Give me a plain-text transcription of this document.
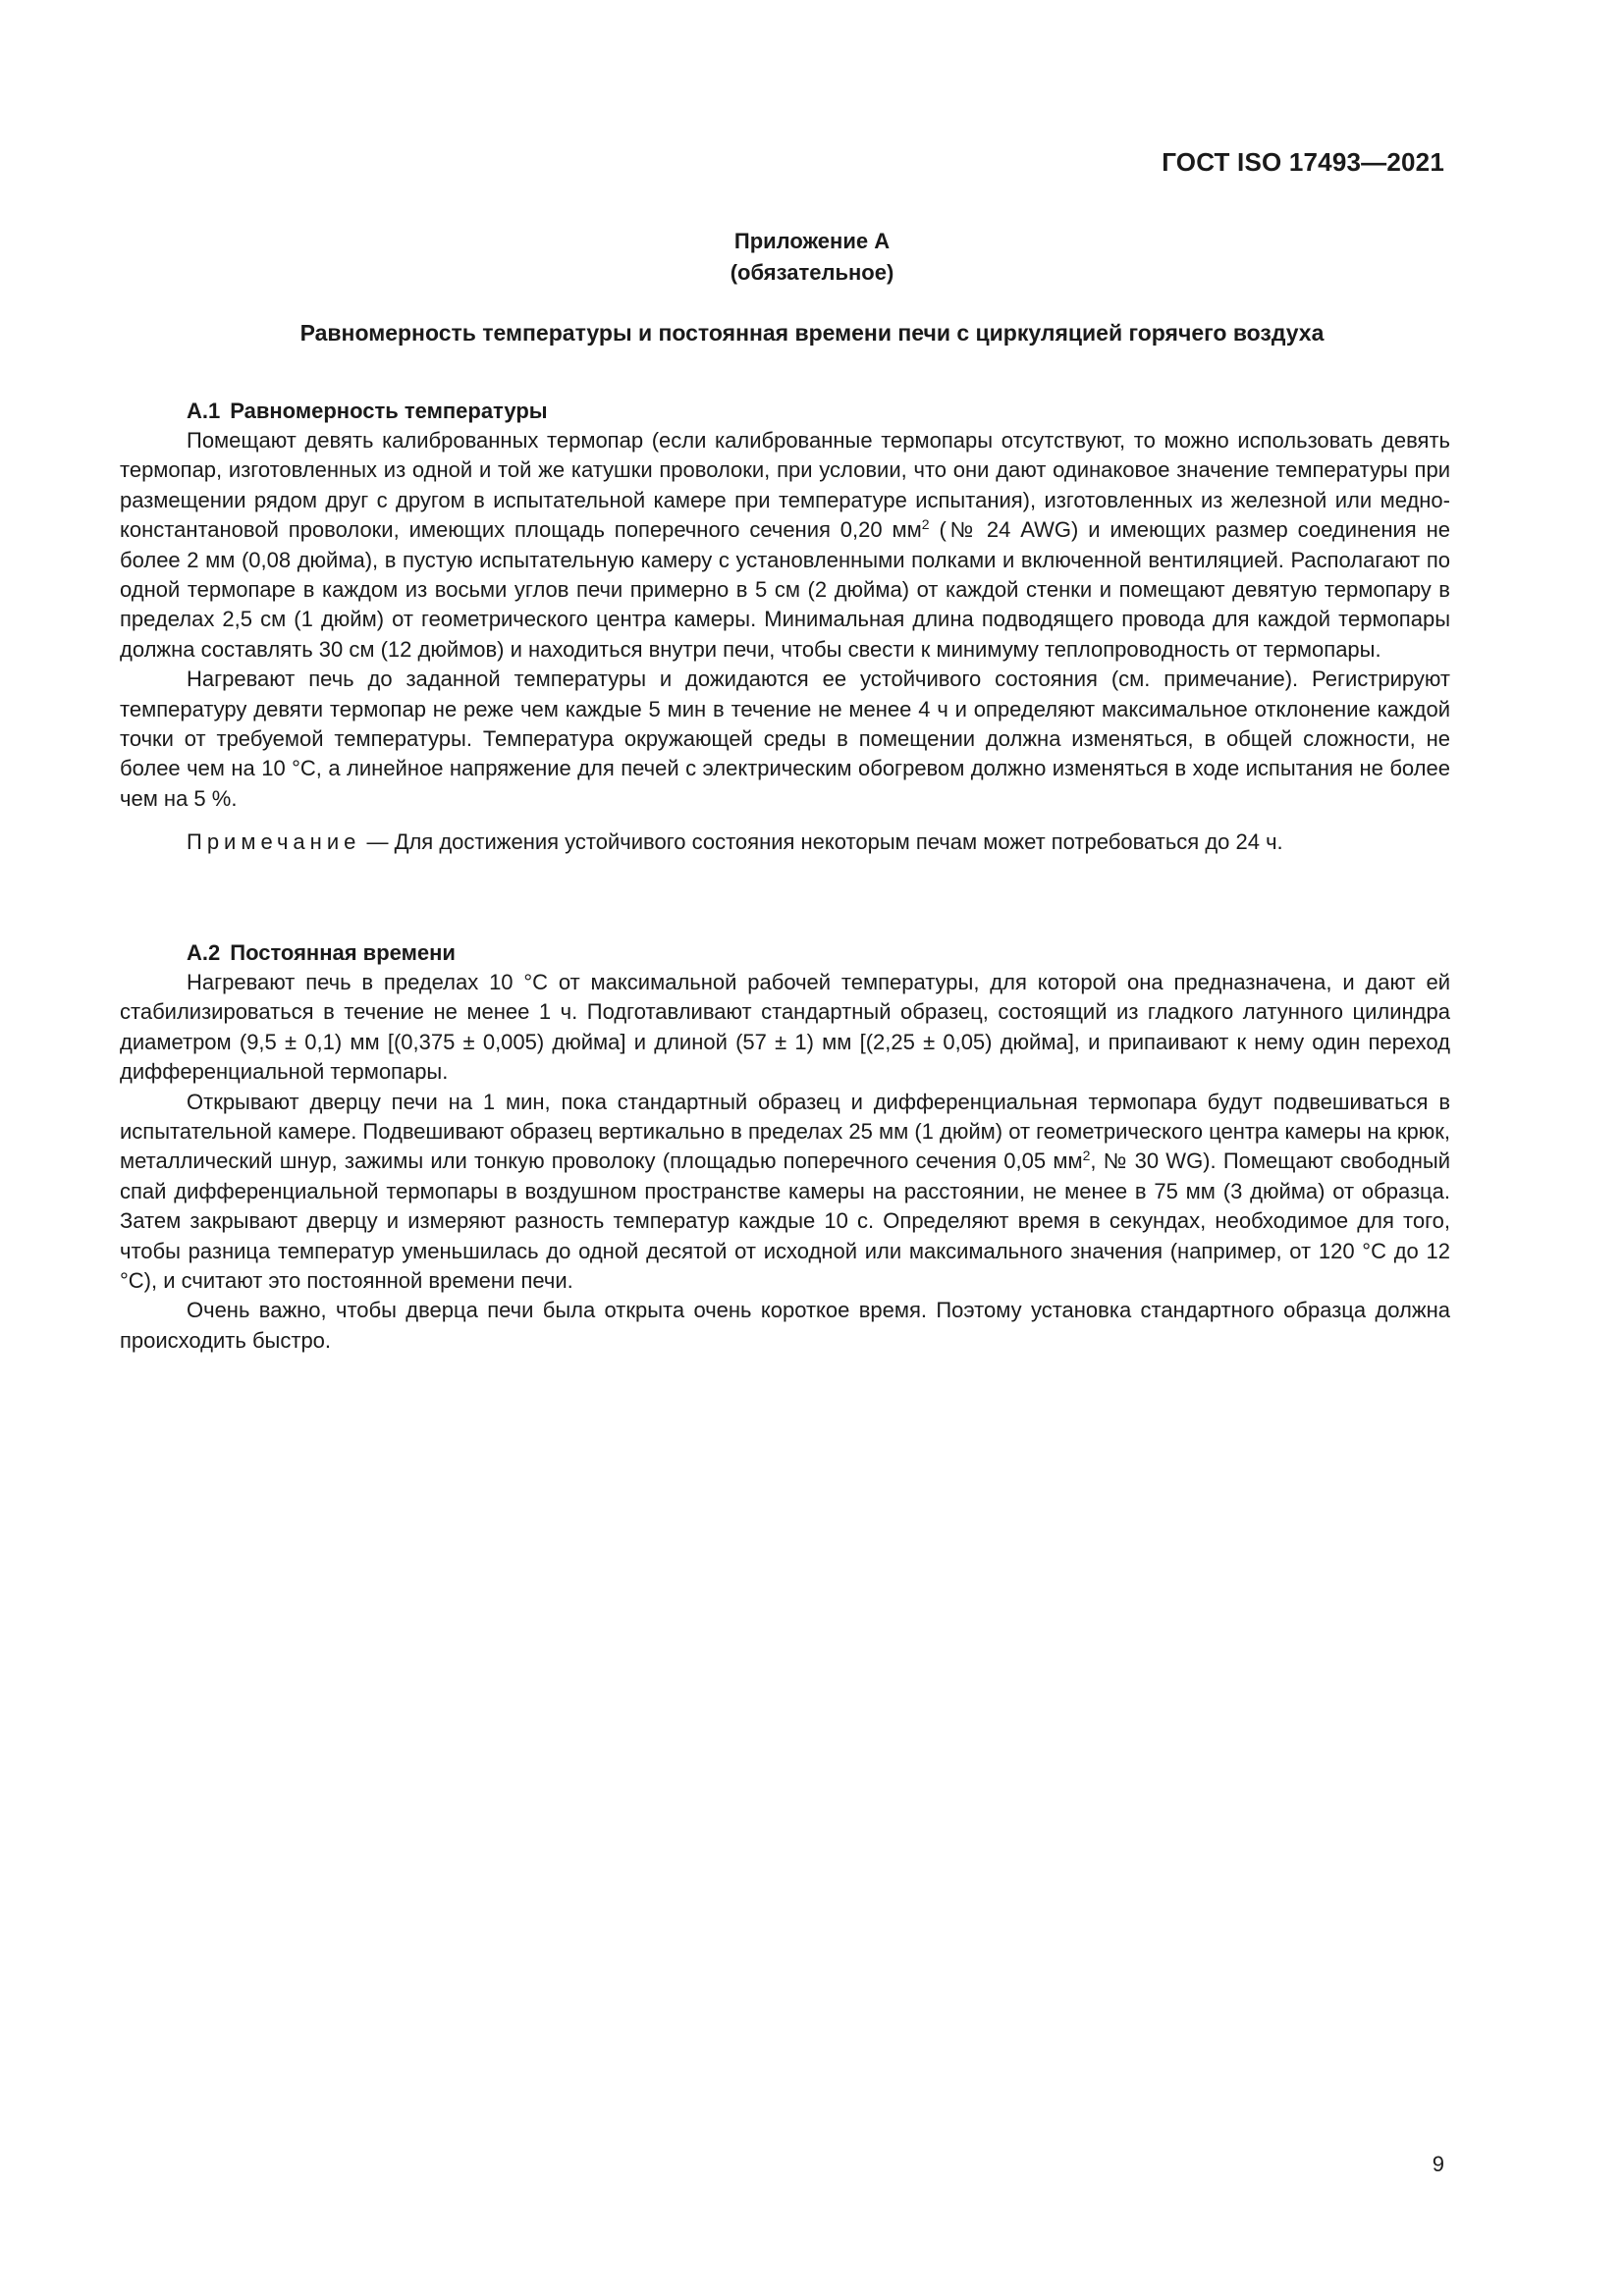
ГОСТ ISO 17493—2021

Приложение А

(обязательное)

Равномерность температуры и постоянная времени печи с циркуляцией горячего воздуха
А.1 Равномерность температуры

Помещают девять калиброванных термопар (если калиброванные термопары отсутствуют, то можно использовать девять термопар, изготовленных из одной и той же катушки проволоки, при условии, что они дают одинаковое значение температуры при размещении рядом друг с другом в испытательной камере при температуре испытания), изготовленных из железной или медно-константановой проволоки, имеющих площадь поперечного сечения 0,20 $мм^2$ (№ 24 AWG) и имеющих размер соединения не более 2 мм (0,08 дюйма), в пустую испытательную камеру с установленными полками и включенной вентиляцией. Располагают по одной термопаре в каждом из восьми углов печи примерно в 5 см (2 дюйма) от каждой стенки и помещают девятую термопару в пределах 2,5 см (1 дюйм) от геометрического центра камеры. Минимальная длина подводящего провода для каждой термопары должна составлять 30 см (12 дюймов) и находиться внутри печи, чтобы свести к минимуму теплопроводность от термопары.

Нагревают печь до заданной температуры и дожидаются ее устойчивого состояния (см. примечание). Регистрируют температуру девяти термопар не реже чем каждые 5 мин в течение не менее 4 ч и определяют максимальное отклонение каждой точки от требуемой температуры. Температура окружающей среды в помещении должна изменяться, в общей сложности, не более чем на 10 °С, а линейное напряжение для печей с электрическим обогревом должно изменяться в ходе испытания не более чем на 5 %.

Примечание — Для достижения устойчивого состояния некоторым печам может потребоваться до 24 ч.

А.2 Постоянная времени

Нагревают печь в пределах 10 °С от максимальной рабочей температуры, для которой она предназначена, и дают ей стабилизироваться в течение не менее 1 ч. Подготавливают стандартный образец, состоящий из гладкого латунного цилиндра диаметром (9,5 ± 0,1) мм [(0,375 ± 0,005) дюйма] и длиной (57 ± 1) мм [(2,25 ± 0,05) дюйма], и припаивают к нему один переход дифференциальной термопары.

Открывают дверцу печи на 1 мин, пока стандартный образец и дифференциальная термопара будут подвешиваться в испытательной камере. Подвешивают образец вертикально в пределах 25 мм (1 дюйм) от геометрического центра камеры на крюк, металлический шнур, зажимы или тонкую проволоку (площадью поперечного сечения 0,05 $мм^2$, № 30 WG). Помещают свободный спай дифференциальной термопары в воздушном пространстве камеры на расстоянии, не менее в 75 мм (3 дюйма) от образца. Затем закрывают дверцу и измеряют разность температур каждые 10 с. Определяют время в секундах, необходимое для того, чтобы разница температур уменьшилась до одной десятой от исходной или максимального значения (например, от 120 °С до 12 °С), и считают это постоянной времени печи.

Очень важно, чтобы дверца печи была открыта очень короткое время. Поэтому установка стандартного образца должна происходить быстро.

9
